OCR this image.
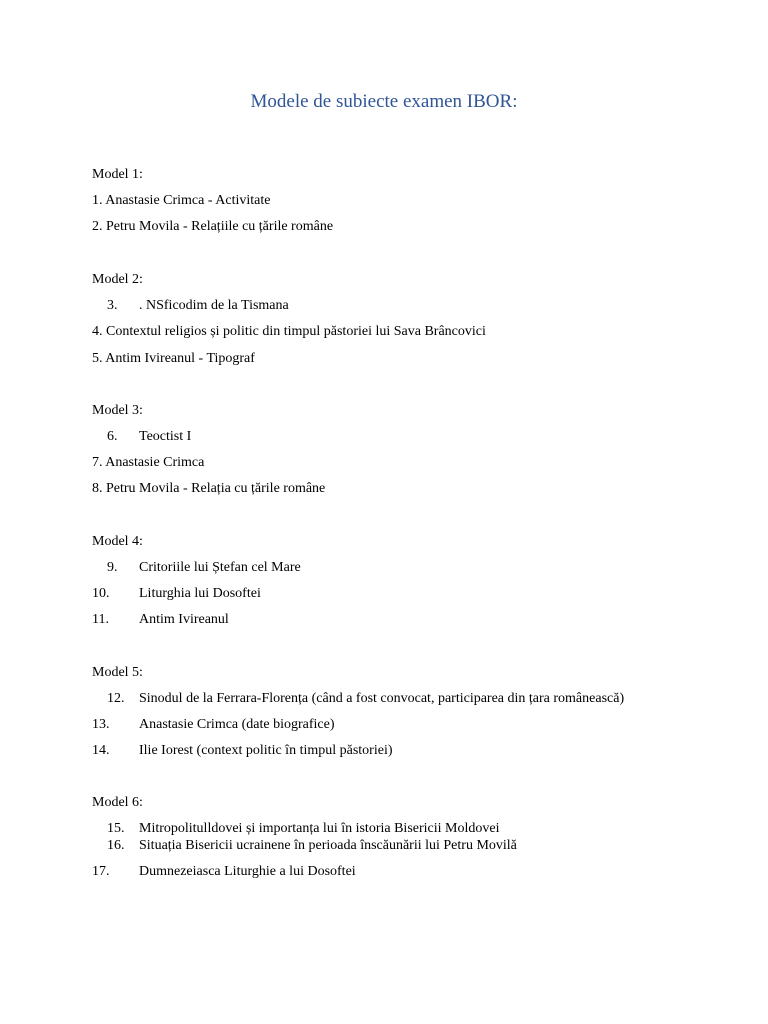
Modele de subiecte examen IBOR:
Model 1:
1. Anastasie Crimca - Activitate
2. Petru Movila - Relațiile cu țările române
Model 2:
3. . NSficodim de la Tismana
4. Contextul religios și politic din timpul păstoriei lui Sava Brâncovici
5. Antim Ivireanul - Tipograf
Model 3:
6. Teoctist I
7. Anastasie Crimca
8. Petru Movila - Relația cu țările române
Model 4:
9. Critoriile lui Ștefan cel Mare
10. Liturghia lui Dosoftei
11. Antim Ivireanul
Model 5:
12. Sinodul de la Ferrara-Florența (când a fost convocat, participarea din țara românească)
13. Anastasie Crimca (date biografice)
14. Ilie Iorest (context politic în timpul păstoriei)
Model 6:
15. Mitropolitulldovei și importanța lui în istoria Bisericii Moldovei
16. Situația Bisericii ucrainene în perioada înscăunării lui Petru Movilă
17. Dumnezeiasca Liturghie a lui Dosoftei
